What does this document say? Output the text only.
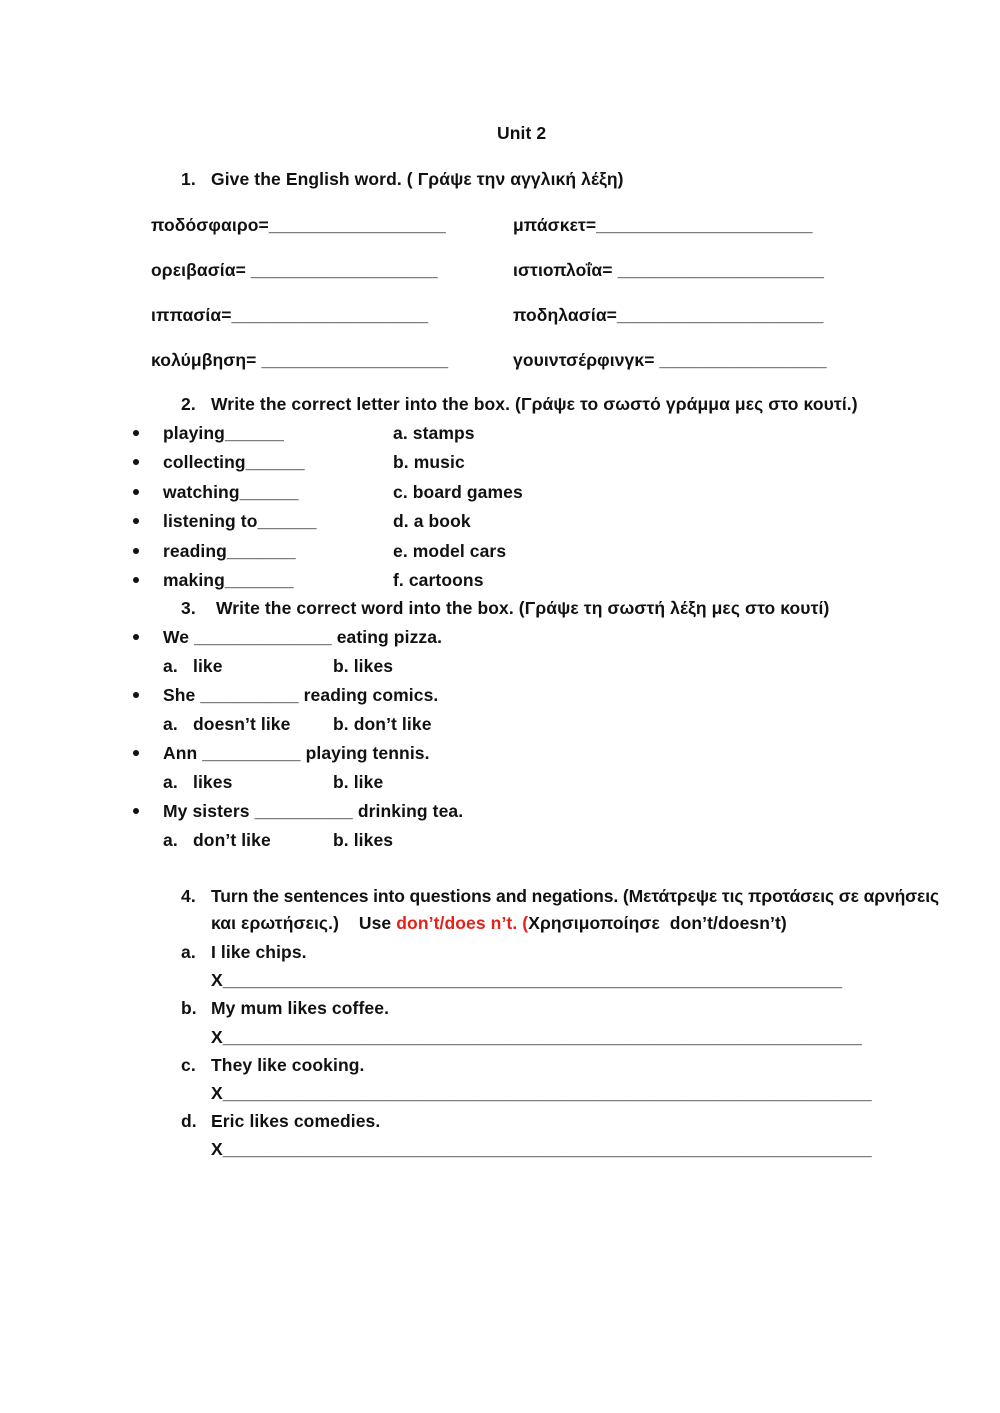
Unit 2
1. Give the English word. ( Γράψε την αγγλική λέξη)
ποδόσφαιρο=__________________	μπάσκετ=______________________
ορειβασία= ___________________	ιστιοπλοΐα= _____________________
ιππασία=____________________	ποδηλασία=_____________________
κολύμβηση= ___________________	γουιντσέρφινγκ= _________________
2. Write the correct letter into the box. (Γράψε το σωστό γράμμα μες στο κουτί.)
playing______	a. stamps
collecting______	b. music
watching______	c. board games
listening to______	d. a book
reading_______	e. model cars
making_______	f. cartoons
3. Write the correct word into the box. (Γράψε τη σωστή λέξη μες στο κουτί)
We ______________ eating pizza.
a. like	b. likes
She __________ reading comics.
a. doesn’t like b. don’t like
Ann __________ playing tennis.
a. likes	b. like
My sisters __________ drinking tea.
a. don’t like	b. likes
4. Turn the sentences into questions and negations. (Μετάτρεψε τις προτάσεις σε αρνήσεις
και ερωτήσεις.)    Use don’t/does n’t. (Χρησιμοποίησε  don’t/doesn’t)
a. I like chips.
X_______________________________________________________________
b. My mum likes coffee.
X_________________________________________________________________
c. They like cooking.
X__________________________________________________________________
d. Eric likes comedies.
X__________________________________________________________________
